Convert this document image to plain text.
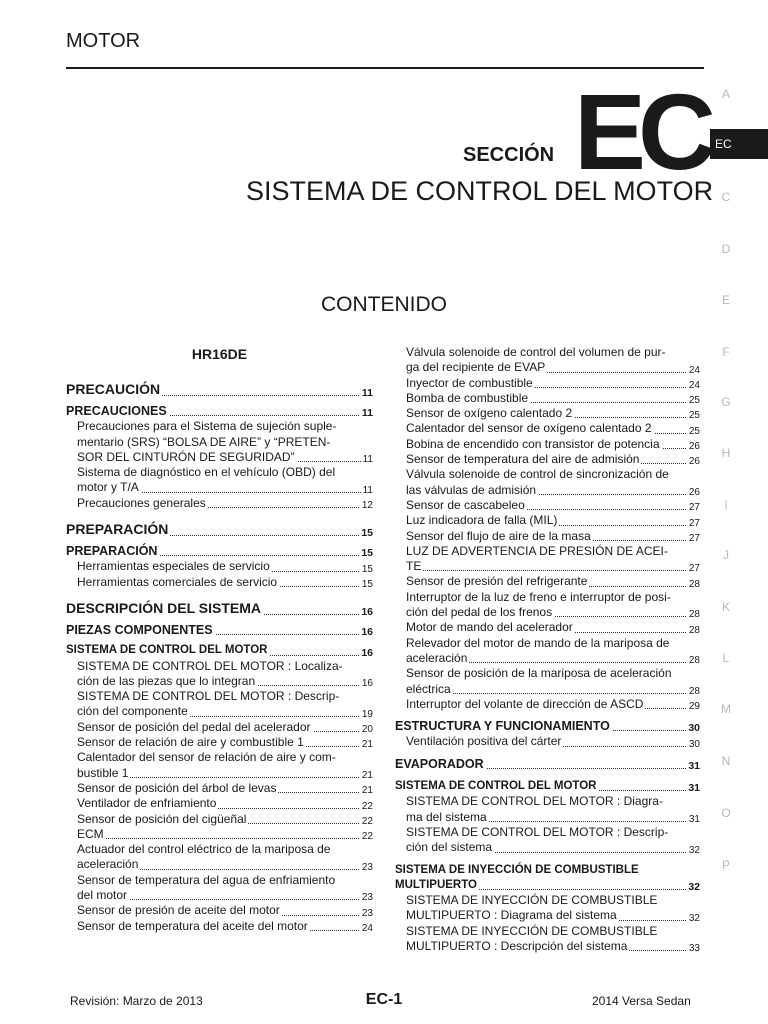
MOTOR
SECCIÓN EC
SISTEMA DE CONTROL DEL MOTOR
CONTENIDO
A
EC
C
D
E
F
G
H
I
J
K
L
M
N
O
P
HR16DE
PRECAUCIÓN	11
PRECAUCIONES	11
Precauciones para el Sistema de sujeción suple-
mentario (SRS) “BOLSA DE AIRE” y “PRETEN-
SOR DEL CINTURÓN DE SEGURIDAD”	11
Sistema de diagnóstico en el vehículo (OBD) del
motor y T/A	11
Precauciones generales	12
PREPARACIÓN	15
PREPARACIÓN	15
Herramientas especiales de servicio	15
Herramientas comerciales de servicio	15
DESCRIPCIÓN DEL SISTEMA	16
PIEZAS COMPONENTES	16
SISTEMA DE CONTROL DEL MOTOR	16
SISTEMA DE CONTROL DEL MOTOR : Localiza-
ción de las piezas que lo integran	16
SISTEMA DE CONTROL DEL MOTOR : Descrip-
ción del componente	19
Sensor de posición del pedal del acelerador	20
Sensor de relación de aire y combustible 1	21
Calentador del sensor de relación de aire y com-
bustible 1	21
Sensor de posición del árbol de levas	21
Ventilador de enfriamiento	22
Sensor de posición del cigüeñal	22
ECM	22
Actuador del control eléctrico de la mariposa de
aceleración	23
Sensor de temperatura del agua de enfriamiento
del motor	23
Sensor de presión de aceite del motor	23
Sensor de temperatura del aceite del motor	24
Válvula solenoide de control del volumen de pur-
ga del recipiente de EVAP	24
Inyector de combustible	24
Bomba de combustible	25
Sensor de oxígeno calentado 2	25
Calentador del sensor de oxígeno calentado 2	25
Bobina de encendido con transistor de potencia	26
Sensor de temperatura del aire de admisión	26
Válvula solenoide de control de sincronización de
las válvulas de admisión	26
Sensor de cascabeleo	27
Luz indicadora de falla (MIL)	27
Sensor del flujo de aire de la masa	27
LUZ DE ADVERTENCIA DE PRESIÓN DE ACEI-
TE	27
Sensor de presión del refrigerante	28
Interruptor de la luz de freno e interruptor de posi-
ción del pedal de los frenos	28
Motor de mando del acelerador	28
Relevador del motor de mando de la mariposa de
aceleración	28
Sensor de posición de la mariposa de aceleración
eléctrica	28
Interruptor del volante de dirección de ASCD	29
ESTRUCTURA Y FUNCIONAMIENTO	30
Ventilación positiva del cárter	30
EVAPORADOR	31
SISTEMA DE CONTROL DEL MOTOR	31
SISTEMA DE CONTROL DEL MOTOR : Diagra-
ma del sistema	31
SISTEMA DE CONTROL DEL MOTOR : Descrip-
ción del sistema	32
SISTEMA DE INYECCIÓN DE COMBUSTIBLE
MULTIPUERTO	32
SISTEMA DE INYECCIÓN DE COMBUSTIBLE
MULTIPUERTO : Diagrama del sistema	32
SISTEMA DE INYECCIÓN DE COMBUSTIBLE
MULTIPUERTO : Descripción del sistema	33
Revisión: Marzo de 2013	EC-1	2014 Versa Sedan
